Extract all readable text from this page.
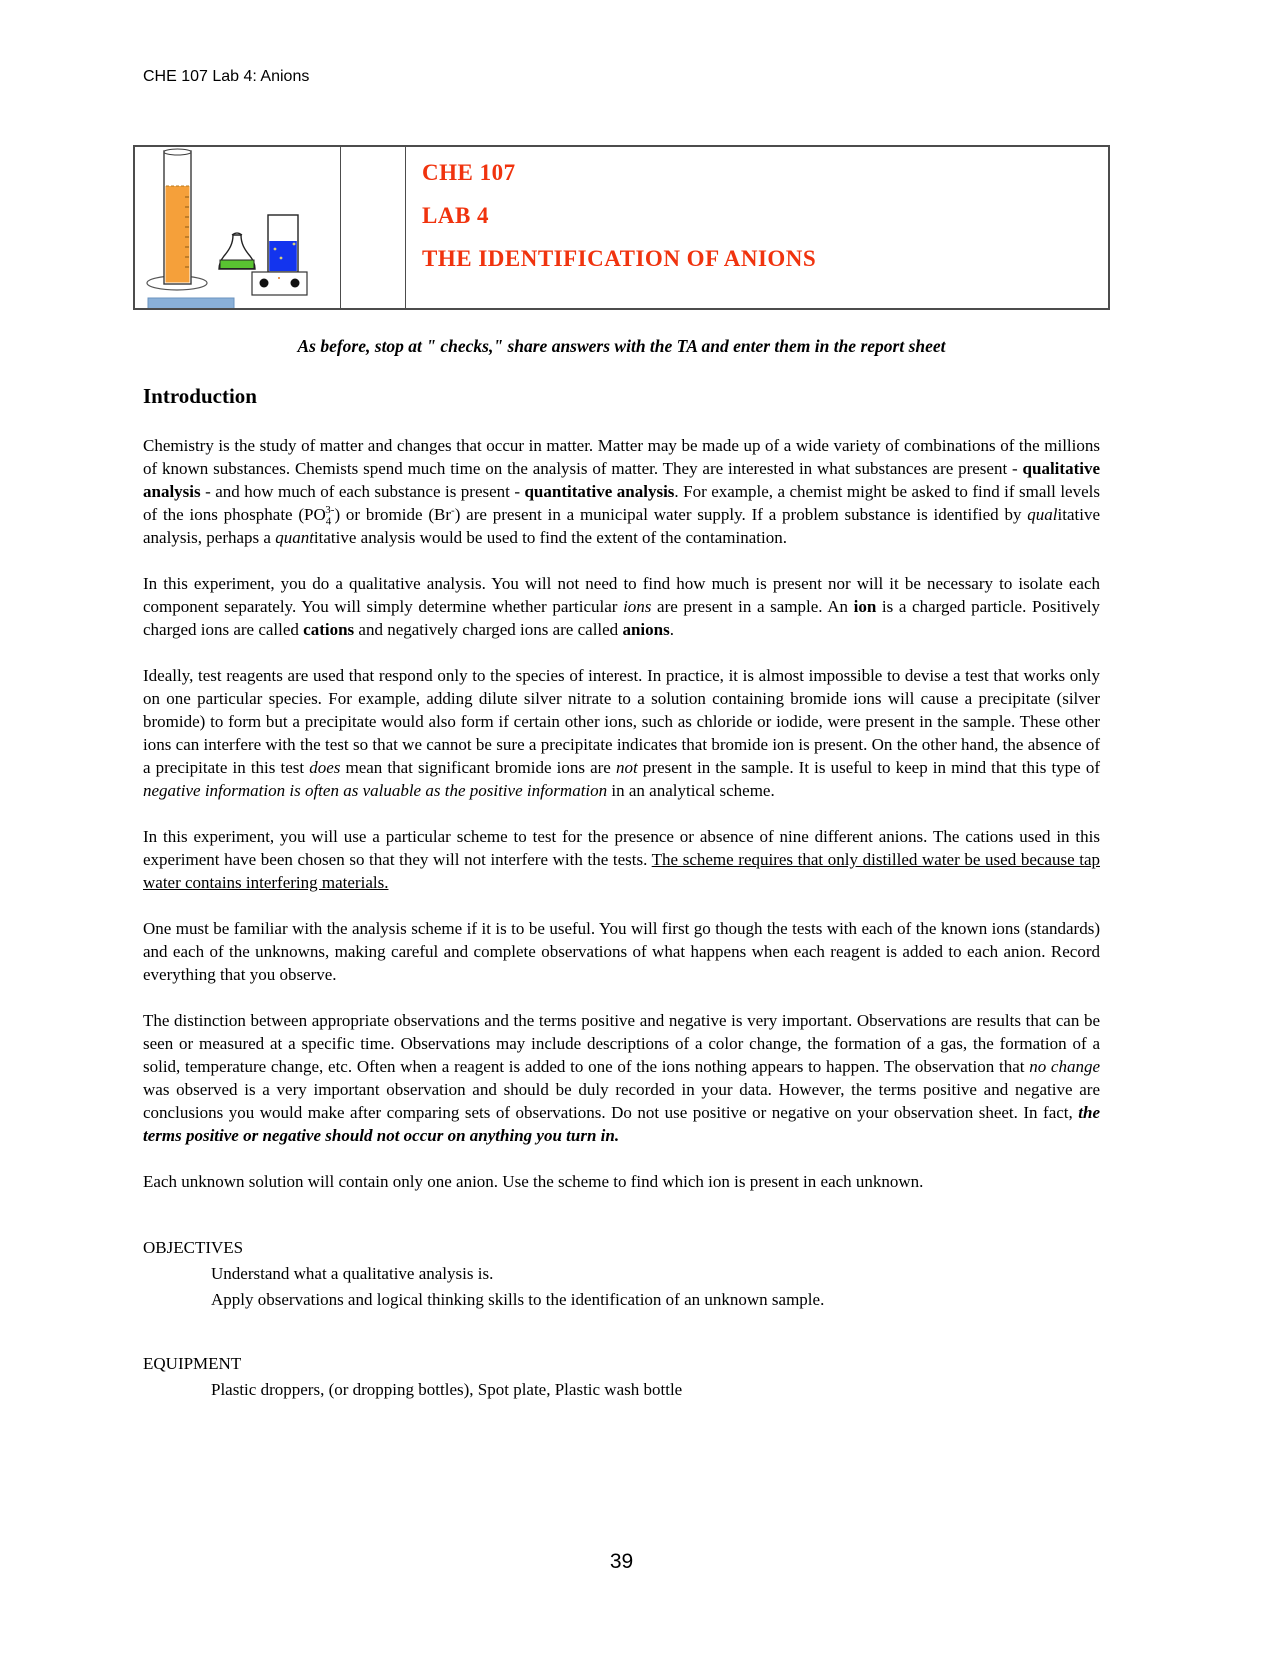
CHE 107 Lab 4: Anions
CHE 107
LAB 4
THE IDENTIFICATION OF ANIONS
As before, stop at " checks," share answers with the TA and enter them in the report sheet
Introduction

Chemistry is the study of matter and changes that occur in matter. Matter may be made up of a wide variety of combinations of the millions of known substances. Chemists spend much time on the analysis of matter. They are interested in what substances are present - qualitative analysis - and how much of each substance is present - quantitative analysis. For example, a chemist might be asked to find if small levels of the ions phosphate $(PO_4^{3-})$ or bromide (Br-) are present in a municipal water supply. If a problem substance is identified by qualitative analysis, perhaps a quantitative analysis would be used to find the extent of the contamination.

In this experiment, you do a qualitative analysis. You will not need to find how much is present nor will it be necessary to isolate each component separately. You will simply determine whether particular ions are present in a sample. An ion is a charged particle. Positively charged ions are called cations and negatively charged ions are called anions.

Ideally, test reagents are used that respond only to the species of interest. In practice, it is almost impossible to devise a test that works only on one particular species. For example, adding dilute silver nitrate to a solution containing bromide ions will cause a precipitate (silver bromide) to form but a precipitate would also form if certain other ions, such as chloride or iodide, were present in the sample. These other ions can interfere with the test so that we cannot be sure a precipitate indicates that bromide ion is present. On the other hand, the absence of a precipitate in this test does mean that significant bromide ions are not present in the sample. It is useful to keep in mind that this type of negative information is often as valuable as the positive information in an analytical scheme.

In this experiment, you will use a particular scheme to test for the presence or absence of nine different anions. The cations used in this experiment have been chosen so that they will not interfere with the tests. The scheme requires that only distilled water be used because tap water contains interfering materials.

One must be familiar with the analysis scheme if it is to be useful. You will first go though the tests with each of the known ions (standards) and each of the unknowns, making careful and complete observations of what happens when each reagent is added to each anion. Record everything that you observe.

The distinction between appropriate observations and the terms positive and negative is very important. Observations are results that can be seen or measured at a specific time. Observations may include descriptions of a color change, the formation of a gas, the formation of a solid, temperature change, etc. Often when a reagent is added to one of the ions nothing appears to happen. The observation that no change was observed is a very important observation and should be duly recorded in your data. However, the terms positive and negative are conclusions you would make after comparing sets of observations. Do not use positive or negative on your observation sheet. In fact, the terms positive or negative should not occur on anything you turn in.

Each unknown solution will contain only one anion. Use the scheme to find which ion is present in each unknown.

OBJECTIVES
Understand what a qualitative analysis is.
Apply observations and logical thinking skills to the identification of an unknown sample.
EQUIPMENT
Plastic droppers, (or dropping bottles), Spot plate, Plastic wash bottle
39
